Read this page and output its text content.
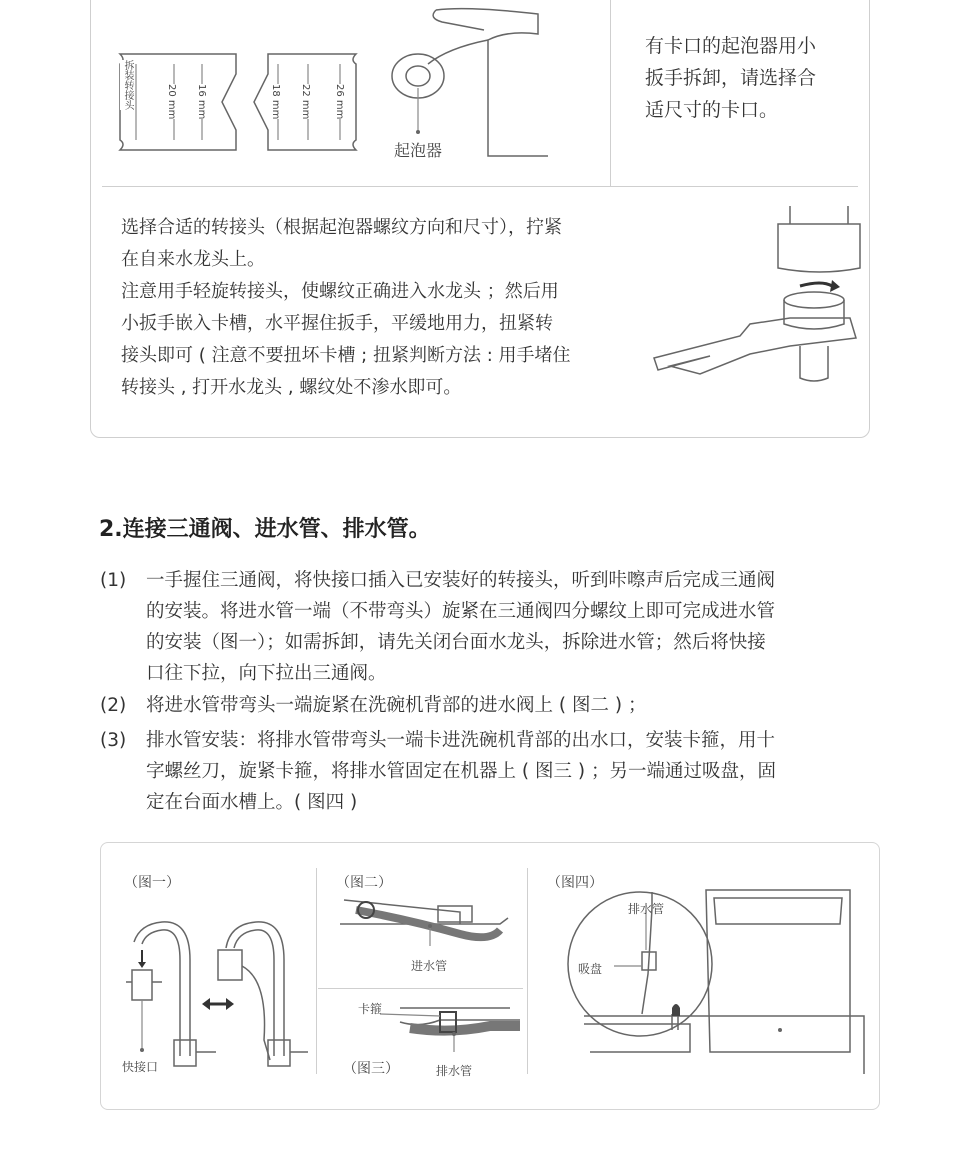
拆装转接头	20 mm 16 mm	18 mm 22 mm 26 mm
起泡器
有卡口的起泡器用小
扳手拆卸，请选择合
适尺寸的卡口。
选择合适的转接头（根据起泡器螺纹方向和尺寸），拧紧
在自来水龙头上。
注意用手轻旋转接头，使螺纹正确进入水龙头 ；然后用
小扳手嵌入卡槽，水平握住扳手，平缓地用力，扭紧转
接头即可 ( 注意不要扭坏卡槽 ; 扭紧判断方法 : 用手堵住
转接头 , 打开水龙头 , 螺纹处不渗水即可。
2.连接三通阀、进水管、排水管。
(1)	一手握住三通阀，将快接口插入已安装好的转接头，听到咔嚓声后完成三通阀
的安装。将进水管一端（不带弯头）旋紧在三通阀四分螺纹上即可完成进水管
的安装（图一）；如需拆卸，请先关闭台面水龙头，拆除进水管；然后将快接
口往下拉，向下拉出三通阀。
(2)	将进水管带弯头一端旋紧在洗碗机背部的进水阀上 ( 图二 ) ；
(3)	排水管安装：将排水管带弯头一端卡进洗碗机背部的出水口，安装卡箍，用十
字螺丝刀，旋紧卡箍，将排水管固定在机器上 ( 图三 ) ；另一端通过吸盘，固
定在台面水槽上。( 图四 )
（图一）
快接口
（图二）
进水管
卡箍
（图三）	排水管
（图四）
排水管
吸盘
